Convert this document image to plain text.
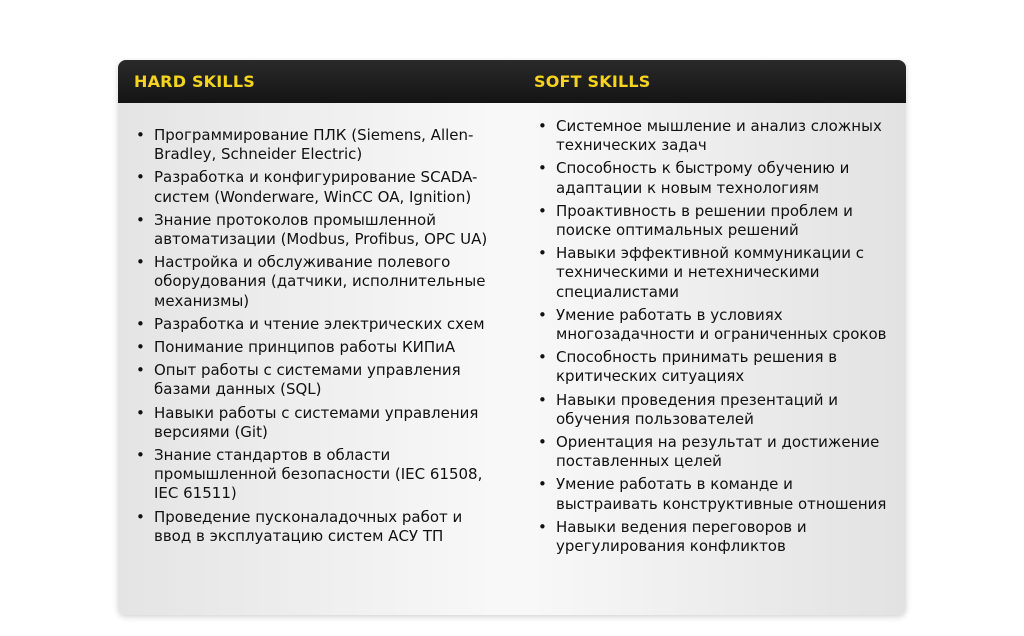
HARD SKILLS	SOFT SKILLS
• Программирование ПЛК (Siemens, Allen-Bradley, Schneider Electric)
• Разработка и конфигурирование SCADA-систем (Wonderware, WinCC OA, Ignition)
• Знание протоколов промышленной автоматизации (Modbus, Profibus, OPC UA)
• Настройка и обслуживание полевого оборудования (датчики, исполнительные механизмы)
• Разработка и чтение электрических схем
• Понимание принципов работы КИПиА
• Опыт работы с системами управления базами данных (SQL)
• Навыки работы с системами управления версиями (Git)
• Знание стандартов в области промышленной безопасности (IEC 61508, IEC 61511)
• Проведение пусконаладочных работ и ввод в эксплуатацию систем АСУ ТП
• Системное мышление и анализ сложных технических задач
• Способность к быстрому обучению и адаптации к новым технологиям
• Проактивность в решении проблем и поиске оптимальных решений
• Навыки эффективной коммуникации с техническими и нетехническими специалистами
• Умение работать в условиях многозадачности и ограниченных сроков
• Способность принимать решения в критических ситуациях
• Навыки проведения презентаций и обучения пользователей
• Ориентация на результат и достижение поставленных целей
• Умение работать в команде и выстраивать конструктивные отношения
• Навыки ведения переговоров и урегулирования конфликтов
